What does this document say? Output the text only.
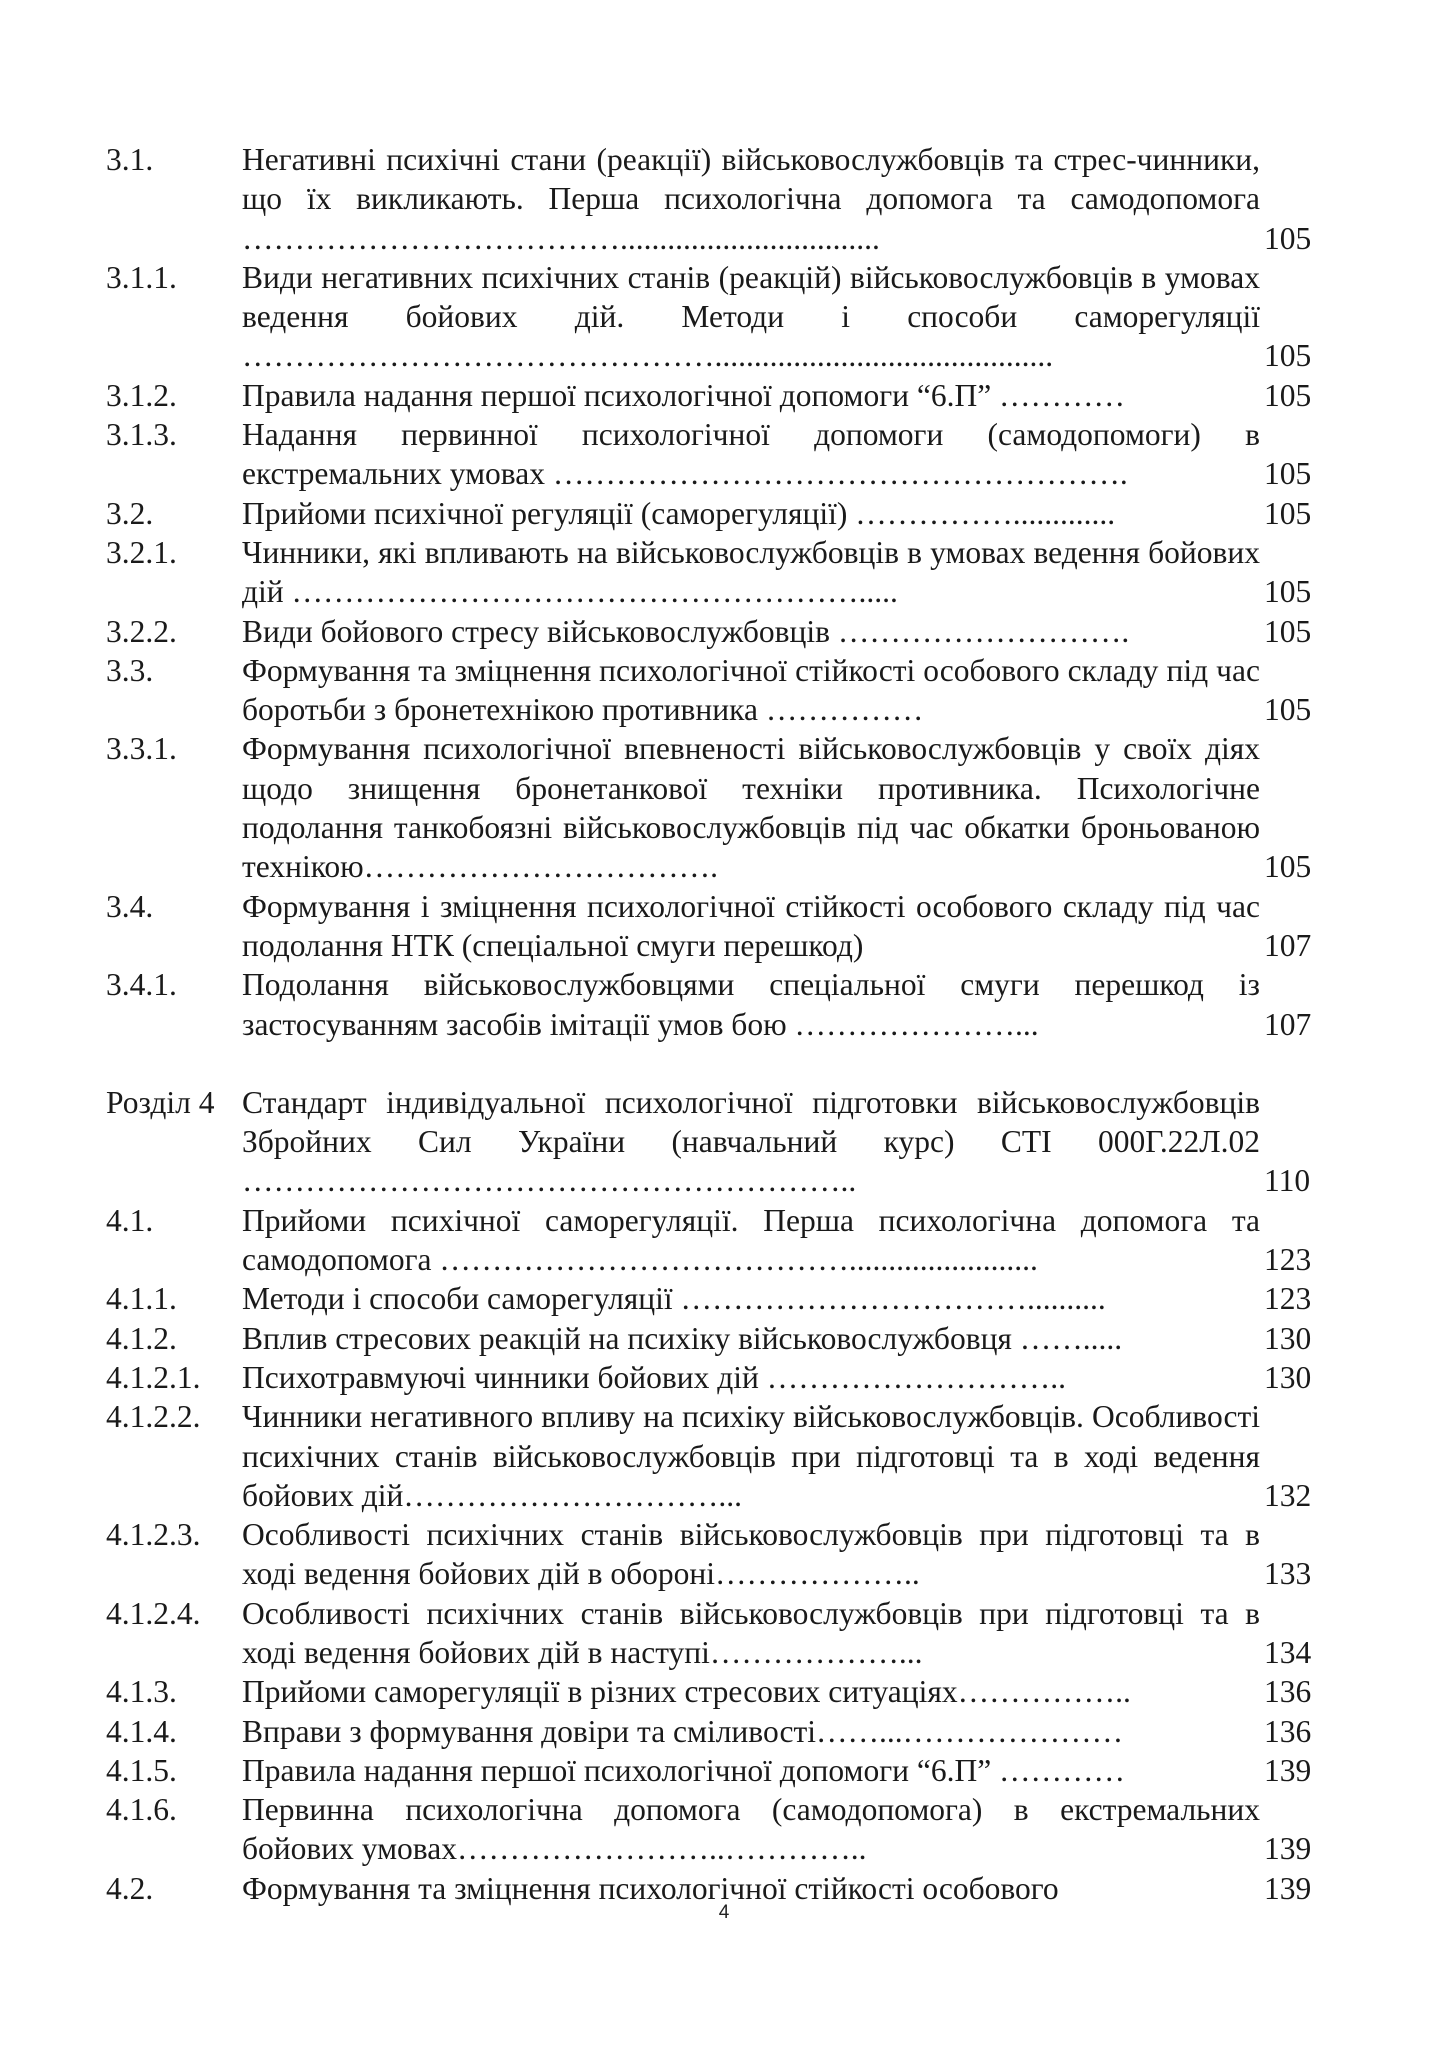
3.1.	Негативні психічні стани (реакції) військовослужбовців та стрес-чинники, що їх викликають. Перша психологічна допомога та самодопомога ……………………………….................................	105
3.1.1.	Види негативних психічних станів (реакцій) військовослужбовців в умовах ведення бойових дій. Методи і способи саморегуляції ………………………………………...........................................	105
3.1.2.	Правила надання першої психологічної допомоги “6.П” …………	105
3.1.3.	Надання первинної психологічної допомоги (самодопомоги) в екстремальних умовах ……………………………………………….	105
3.2.	Прийоми психічної регуляції (саморегуляції) …………….............	105
3.2.1.	Чинники, які впливають на військовослужбовців в умовах ведення бойових дій ……………………………………………….....	105
3.2.2.	Види бойового стресу військовослужбовців ……………………….	105
3.3.	Формування та зміцнення психологічної стійкості особового складу під час боротьби з бронетехнікою противника ……………	105
3.3.1.	Формування психологічної впевненості військовослужбовців у своїх діях щодо знищення бронетанкової техніки противника. Психологічне подолання танкобоязні військовослужбовців під час обкатки броньованою технікою…………………………….	105
3.4.	Формування і зміцнення психологічної стійкості особового складу під час подолання НТК (спеціальної смуги перешкод)	107
3.4.1.	Подолання військовослужбовцями спеціальної смуги перешкод із застосуванням засобів імітації умов бою …………………...	107
Розділ 4 Стандарт індивідуальної психологічної підготовки військовослужбовців Збройних Сил України (навчальний курс) СТІ 000Г.22Л.02 …………………………………………………..	110
4.1.	Прийоми психічної саморегуляції. Перша психологічна допомога та самодопомога …………………………………........................	123
4.1.1.	Методи і способи саморегуляції ……………………………..........	123
4.1.2.	Вплив стресових реакцій на психіку військовослужбовця …….....	130
4.1.2.1.	Психотравмуючі чинники бойових дій ………………………..	130
4.1.2.2.	Чинники негативного впливу на психіку військовослужбовців. Особливості психічних станів військовослужбовців при підготовці та в ході ведення бойових дій…………………………...	132
4.1.2.3.	Особливості психічних станів військовослужбовців при підготовці та в ході ведення бойових дій в обороні………………..	133
4.1.2.4.	Особливості психічних станів військовослужбовців при підготовці та в ході ведення бойових дій в наступі………………...	134
4.1.3.	Прийоми саморегуляції в різних стресових ситуаціях……………..	136
4.1.4.	Вправи з формування довіри та сміливості……...…………………	136
4.1.5.	Правила надання першої психологічної допомоги “6.П” …………	139
4.1.6.	Первинна психологічна допомога (самодопомога) в екстремальних бойових умовах……………………..…………..	139
4.2.	Формування та зміцнення психологічної стійкості особового	139
4
